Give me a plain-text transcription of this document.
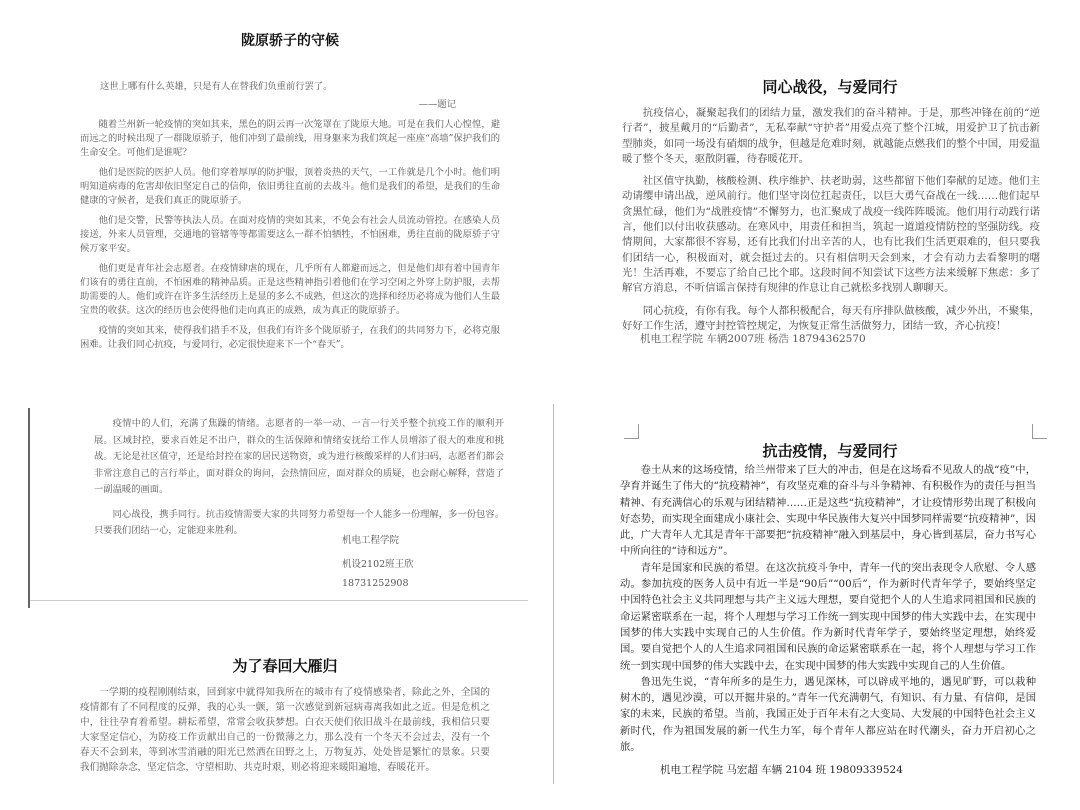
陇原骄子的守候
这世上哪有什么英雄，只是有人在替我们负重前行罢了。
——题记

随着兰州新一轮疫情的突如其来，黑色的阴云再一次笼罩在了陇原大地。可是在我们人心惶惶，避而远之的时候出现了一群陇原骄子，他们冲到了最前线，用身躯来为我们筑起一座座“高墙”保护我们的生命安全。可他们是谁呢？

他们是医院的医护人员。他们穿着厚厚的防护服，顶着炎热的天气，一工作就是几个小时。他们明明知道病毒的危害却依旧坚定自己的信仰，依旧勇往直前的去战斗。他们是我们的希望，是我们的生命健康的守候者，是我们真正的陇原骄子。

他们是交警，民警等执法人员。在面对疫情的突如其来，不免会有社会人员流动管控。在感染人员接送，外来人员管理，交通地的管辖等等都需要这么一群不怕牺牲，不怕困难，勇往直前的陇原骄子守候万家平安。

他们更是青年社会志愿者。在疫情肆虐的现在，几乎所有人都避而远之，但是他们却有着中国青年们该有的勇往直前，不怕困难的精神品质。正是这些精神指引着他们在学习空闲之外穿上防护服，去帮助需要的人。他们或许在许多生活经历上是显的多么不成熟，但这次的选择和经历必将成为他们人生最宝贵的收获。这次的经历也会使得他们走向真正的成熟，成为真正的陇原骄子。

疫情的突如其来，使得我们措手不及，但我们有许多个陇原骄子，在我们的共同努力下，必将克服困难。让我们同心抗疫，与爱同行，必定很快迎来下一个“春天”。

同心战役，与爱同行

抗疫信心，凝聚起我们的团结力量，激发我们的奋斗精神。于是，那些冲锋在前的“逆行者”，披星戴月的“后勤者”，无私奉献“守护者”用爱点亮了整个江城，用爱护卫了抗击新型肺炎，如同一场没有硝烟的战争，但越是危难时刻，就越能点燃我们的整个中国，用爱温暖了整个冬天，驱散阴霾，待春暖花开。

社区值守执勤，核酸检测、秩序维护、扶老助弱，这些都留下他们奉献的足迹。他们主动请缨申请出战，逆风前行。他们坚守岗位扛起责任，以巨大勇气奋战在一线……他们起早贪黑忙碌，他们为“战胜疫情”不懈努力，也汇聚成了战疫一线阵阵暖流。他们用行动践行诺言，他们以付出收获感动。在寒风中，用责任和担当，筑起一道道疫情防控的坚强防线。疫情期间，大家都很不容易，还有比我们付出辛苦的人，也有比我们生活更艰难的，但只要我们团结一心，积极面对，就会挺过去的。只有相信明天会到来，才会有动力去看黎明的曙光！生活再难，不要忘了给自己比个耶。这段时间不知尝试下这些方法来缓解下焦虑：多了解官方消息，不听信谣言保持有规律的作息让自己就松多找别人聊聊天。

同心抗疫，有你有我。每个人都积极配合，每天有序排队做核酸，减少外出，不聚集，好好工作生活，遵守封控管控规定，为恢复正常生活做努力，团结一致，齐心抗疫！

机电工程学院 车辆2007班 杨浩 18794362570

疫情中的人们，充满了焦躁的情绪。志愿者的一举一动、一言一行关乎整个抗疫工作的顺利开展。区域封控，要求百姓足不出户，群众的生活保障和情绪安抚给工作人员增添了很大的难度和挑战。无论是社区值守，还是给封控在家的居民送物资，或为进行核酸采样的人们扫码，志愿者们都会非常注意自己的言行举止，面对群众的询问，会热情回应，面对群众的质疑，也会耐心解释，营造了一副温暖的画面。

同心战役，携手同行。抗击疫情需要大家的共同努力希望每一个人能多一份理解，多一份包容。只要我们团结一心，定能迎来胜利。

机电工程学院
机设2102班王欣
18731252908
为了春回大雁归

一学期的疫程刚刚结束，回到家中就得知我所在的城市有了疫情感染者，除此之外，全国的疫情都有了不同程度的反弹，我的心头一颤，第一次感觉到新冠病毒离我如此之近。但是危机之中，往往孕育着希望。耕耘希望，常常会收获梦想。白衣天使们依旧战斗在最前线，我相信只要大家坚定信心，为防疫工作贡献出自己的一份微薄之力，那么没有一个冬天不会过去，没有一个春天不会到来，等到冰雪消融的阳光已然洒在田野之上，万物复苏，处处皆是繁忙的景象。只要我们抛除杂念，坚定信念，守望相助、共克时艰，则必将迎来暖阳遍地，春暖花开。

抗击疫情，与爱同行

卷土从来的这场疫情，给兰州带来了巨大的冲击，但是在这场看不见敌人的战“疫”中，孕育并诞生了伟大的“抗疫精神”，有攻坚克难的奋斗与斗争精神、有积极作为的责任与担当精神、有充满信心的乐观与团结精神……正是这些“抗疫精神”，才让疫情形势出现了积极向好态势，而实现全面建成小康社会、实现中华民族伟大复兴中国梦同样需要“抗疫精神”，因此，广大青年人尤其是青年干部要把“抗疫精神”融入到基层中，身心皆到基层，奋力书写心中所向往的“诗和远方”。

青年是国家和民族的希望。在这次抗疫斗争中，青年一代的突出表现令人欣慰、令人感动。参加抗疫的医务人员中有近一半是“90后”“00后”，作为新时代青年学子，要始终坚定中国特色社会主义共同理想与共产主义远大理想，要自觉把个人的人生追求同祖国和民族的命运紧密联系在一起，将个人理想与学习工作统一到实现中国梦的伟大实践中去，在实现中国梦的伟大实践中实现自己的人生价值。作为新时代青年学子，要始终坚定理想，始终爱国。要自觉把个人的人生追求同祖国和民族的命运紧密联系在一起，将个人理想与学习工作统一到实现中国梦的伟大实践中去，在实现中国梦的伟大实践中实现自己的人生价值。

鲁迅先生说，“青年所多的是生力，遇见深林，可以辟成平地的，遇见旷野，可以栽种树木的，遇见沙漠，可以开掘井泉的。”青年一代充满朝气，有知识、有力量、有信仰，是国家的未来，民族的希望。当前，我国正处于百年未有之大变局、大发展的中国特色社会主义新时代，作为祖国发展的新一代生力军，每个青年人都应站在时代潮头，奋力开启初心之旅。

机电工程学院 马宏超 车辆 2104 班 19809339524
